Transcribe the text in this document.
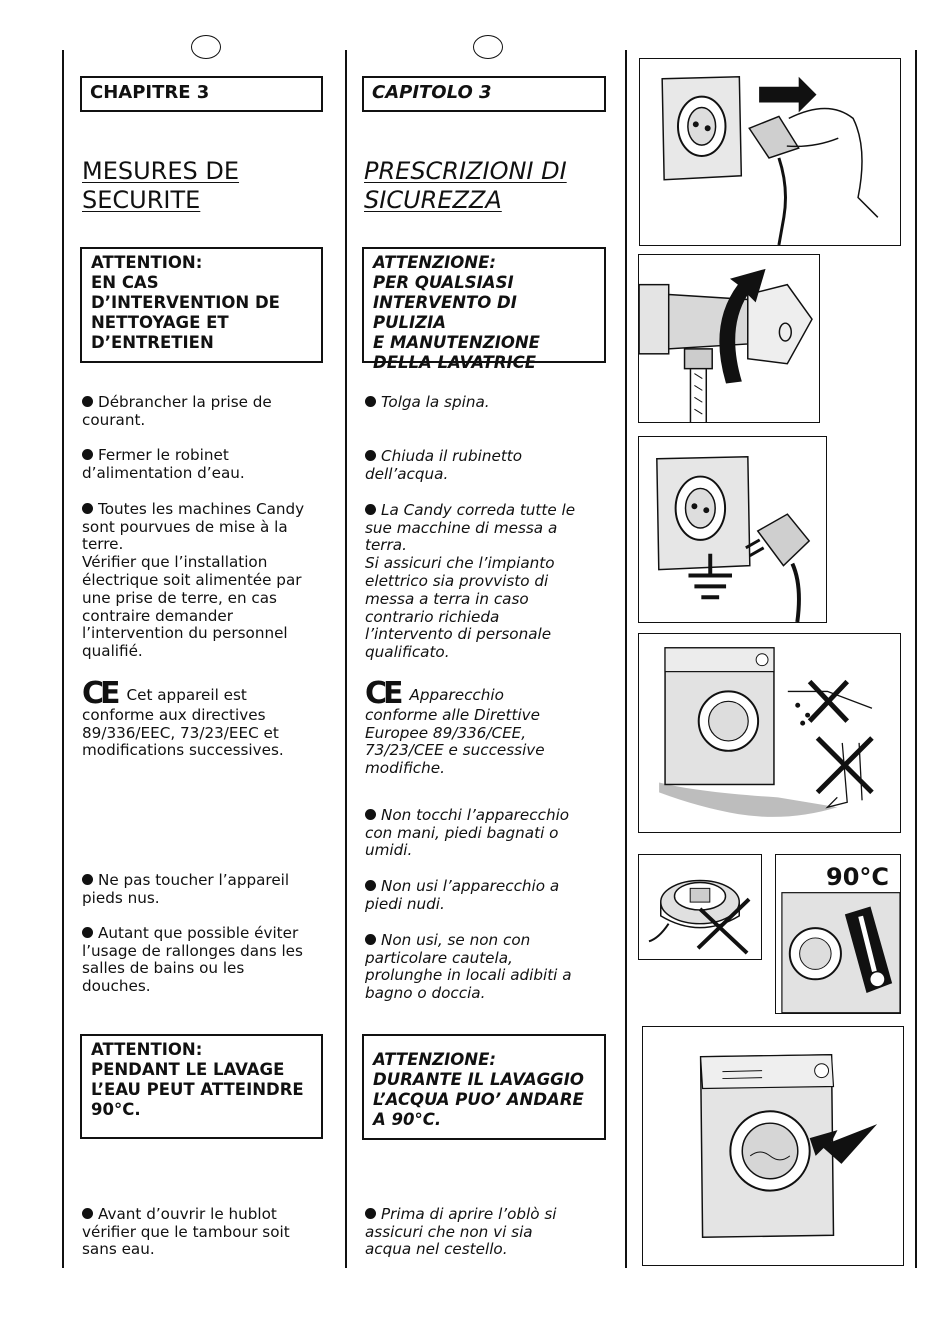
CHAPITRE 3
MESURES DE
SECURITE
ATTENTION:
EN CAS
D’INTERVENTION DE
NETTOYAGE ET
D’ENTRETIEN

Débrancher la prise de
courant.

Fermer le robinet
d’alimentation d’eau.

Toutes les machines Candy
sont pourvues de mise à la
terre.
Vérifier que l’installation
électrique soit alimentée par
une prise de terre, en cas
contraire demander
l’intervention du personnel
qualifié.

CE Cet appareil est
conforme aux directives
89/336/EEC, 73/23/EEC et
modifications successives.

Ne pas toucher l’appareil
pieds nus.

Autant que possible éviter
l’usage de rallonges dans les
salles de bains ou les
douches.
ATTENTION:
PENDANT LE LAVAGE
L’EAU PEUT ATTEINDRE
90°C.

Avant d’ouvrir le hublot
vérifier que le tambour soit
sans eau.
CAPITOLO 3
PRESCRIZIONI DI
SICUREZZA
ATTENZIONE:
PER QUALSIASI
INTERVENTO DI PULIZIA
E MANUTENZIONE
DELLA LAVATRICE

Tolga la spina.

Chiuda il rubinetto
dell’acqua.

La Candy correda tutte le
sue macchine di messa a
terra.
Si assicuri che l’impianto
elettrico sia provvisto di
messa a terra in caso
contrario richieda
l’intervento di personale
qualificato.

CE Apparecchio
conforme alle Direttive
Europee 89/336/CEE,
73/23/CEE e successive
modifiche.

Non tocchi l’apparecchio
con mani, piedi bagnati o
umidi.

Non usi l’apparecchio a
piedi nudi.

Non usi, se non con
particolare cautela,
prolunghe in locali adibiti a
bagno o doccia.
ATTENZIONE:
DURANTE IL LAVAGGIO
L’ACQUA PUO’ ANDARE
A 90°C.

Prima di aprire l’oblò si
assicuri che non vi sia
acqua nel cestello.
90°C
